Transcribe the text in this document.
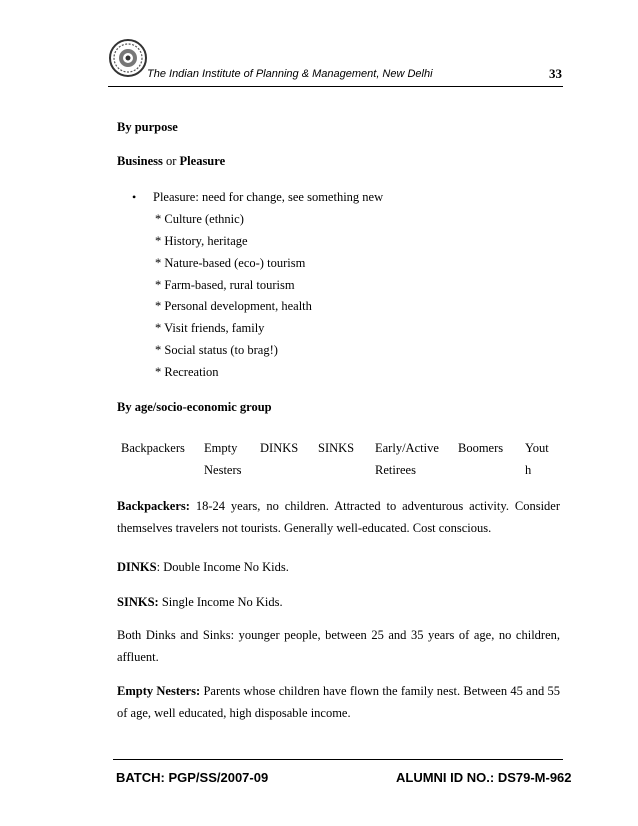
The Indian Institute of Planning & Management, New Delhi	33
By purpose
Business or Pleasure
• Pleasure: need for change, see something new
* Culture (ethnic)
* History, heritage
* Nature-based (eco-) tourism
* Farm-based, rural tourism
* Personal development, health
* Visit friends, family
* Social status (to brag!)
* Recreation
By age/socio-economic group
Backpackers Empty
Nesters
DINKS SINKS Early/Active
Retirees
Boomers Yout
h
Backpackers: 18-24 years, no children. Attracted to adventurous activity. Consider themselves travelers not tourists. Generally well-educated. Cost conscious.
DINKS: Double Income No Kids.
SINKS: Single Income No Kids.
Both Dinks and Sinks: younger people, between 25 and 35 years of age, no children, affluent.
Empty Nesters: Parents whose children have flown the family nest. Between 45 and 55 of age, well educated, high disposable income.
BATCH: PGP/SS/2007-09	ALUMNI ID NO.: DS79-M-962
